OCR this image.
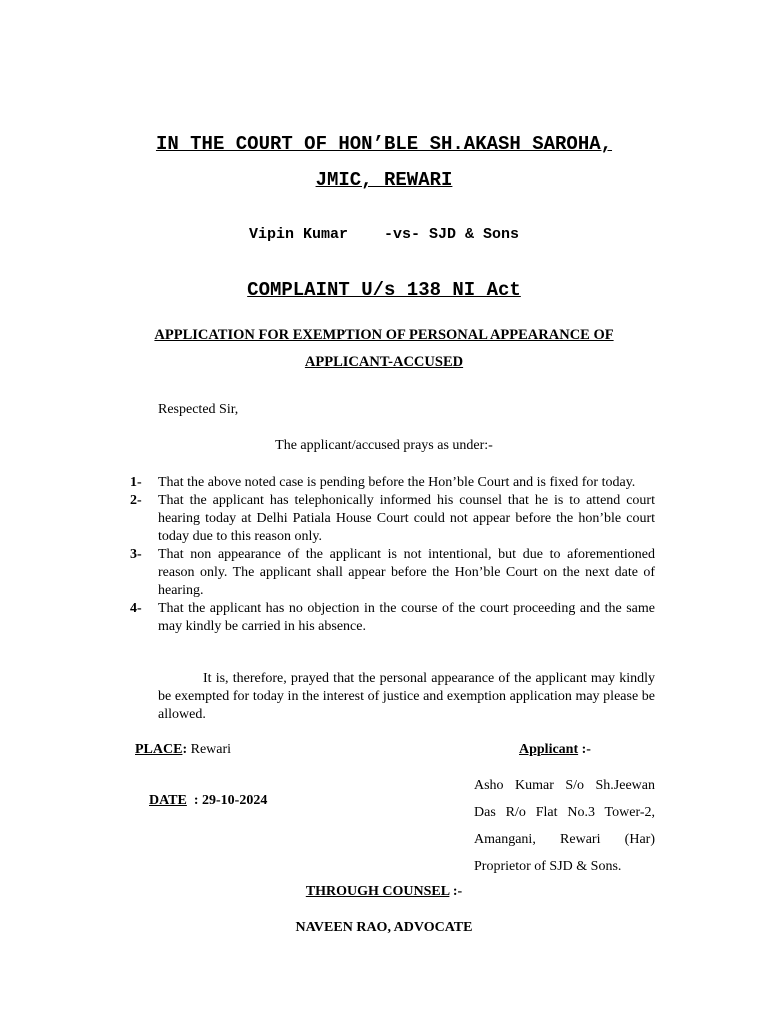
IN THE COURT OF HON’BLE SH.AKASH SAROHA,
JMIC, REWARI
Vipin Kumar    -vs- SJD & Sons
COMPLAINT U/s 138 NI Act
APPLICATION FOR EXEMPTION OF PERSONAL APPEARANCE OF
APPLICANT-ACCUSED
Respected Sir,
The applicant/accused prays as under:-
1-	That the above noted case is pending before the Hon’ble Court and is fixed for today.
2-	That the applicant has telephonically informed his counsel that he is to attend court hearing today at Delhi Patiala House Court could not appear before the hon’ble court today due to this reason only.
3-	That non appearance of the applicant is not intentional, but due to aforementioned reason only. The applicant shall appear before the Hon’ble Court on the next date of hearing.
4-	That the applicant has no objection in the course of the court proceeding and the same may kindly be carried in his absence.
It is, therefore, prayed that the personal appearance of the applicant may kindly be exempted for today in the interest of justice and exemption application may please be allowed.
PLACE: Rewari	Applicant :-

DATE  : 29-10-2024

Asho Kumar S/o Sh.Jeewan Das R/o Flat No.3 Tower-2, Amangani, Rewari (Har) Proprietor of SJD & Sons.
THROUGH COUNSEL :-
NAVEEN RAO, ADVOCATE
